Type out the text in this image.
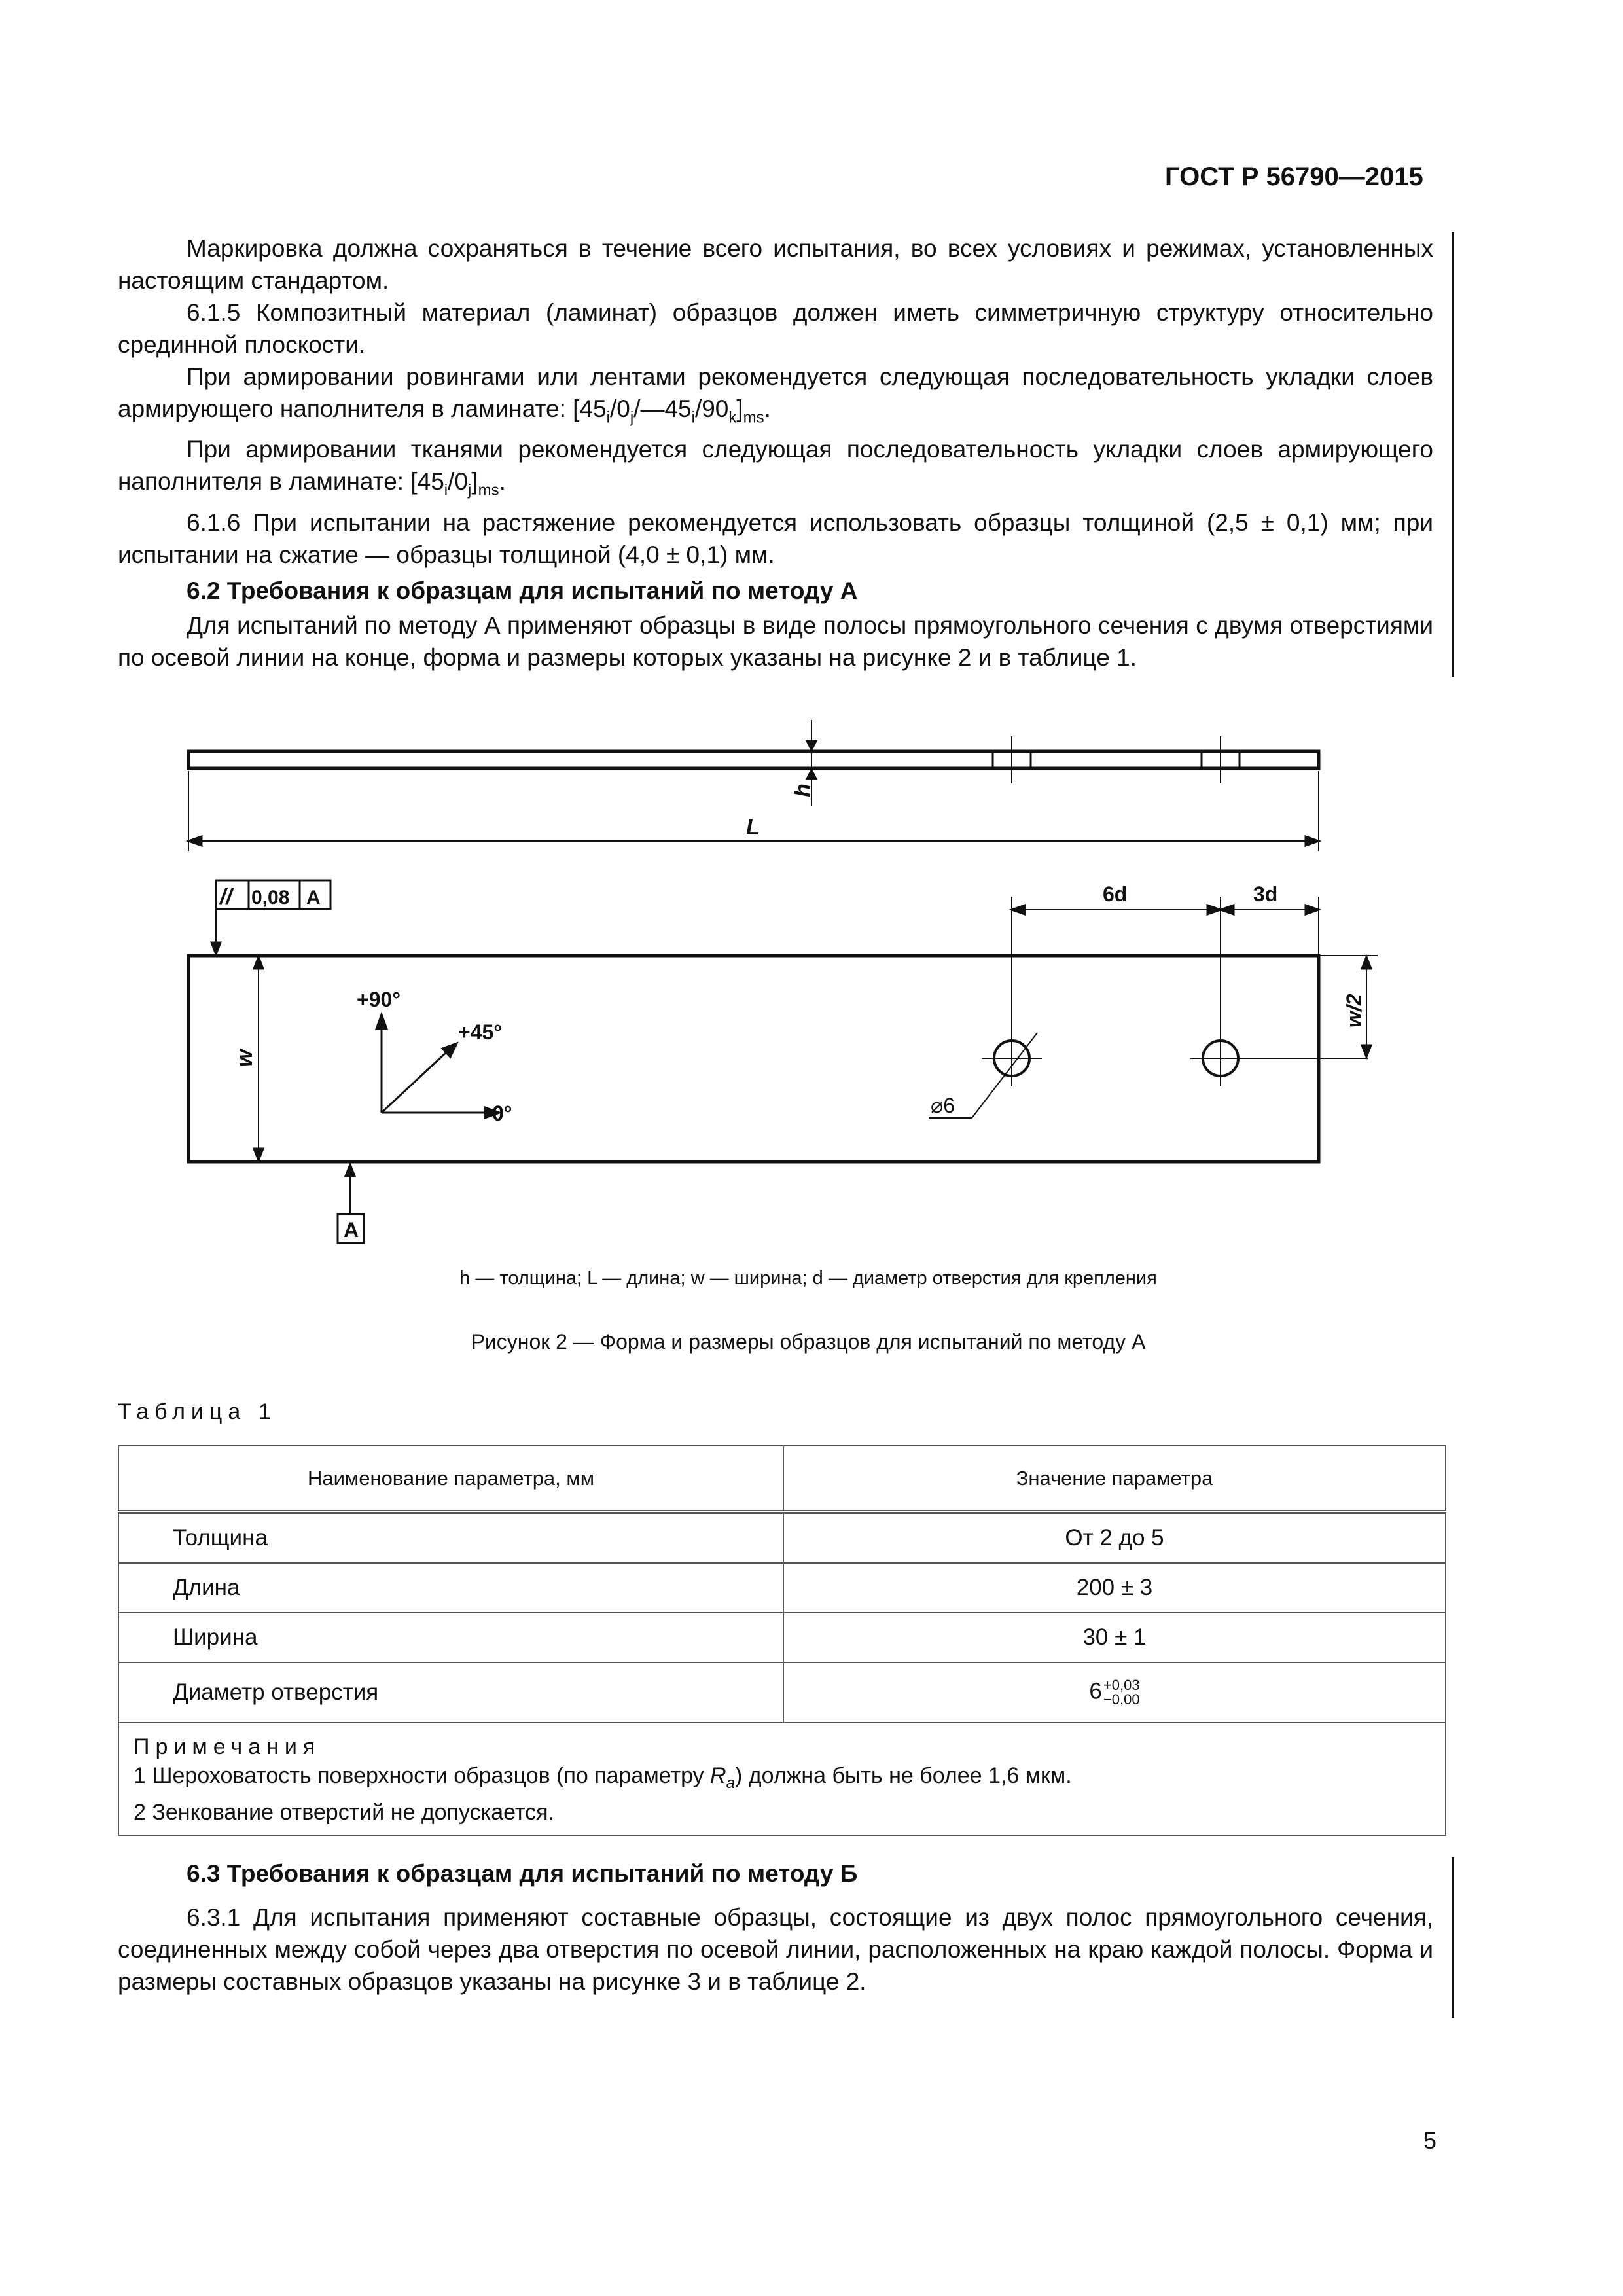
ГОСТ Р 56790—2015

Маркировка должна сохраняться в течение всего испытания, во всех условиях и режимах, установленных настоящим стандартом.

6.1.5 Композитный материал (ламинат) образцов должен иметь симметричную структуру относительно срединной плоскости.

При армировании ровингами или лентами рекомендуется следующая последовательность укладки слоев армирующего наполнителя в ламинате: $[45_i/0_j/—45_i/90_k]_{ms}$.

При армировании тканями рекомендуется следующая последовательность укладки слоев армирующего наполнителя в ламинате: $[45_i/0_j]_{ms}$.

6.1.6 При испытании на растяжение рекомендуется использовать образцы толщиной (2,5 ± 0,1) мм; при испытании на сжатие — образцы толщиной (4,0 ± 0,1) мм.

6.2 Требования к образцам для испытаний по методу А

Для испытаний по методу А применяют образцы в виде полосы прямоугольного сечения с двумя отверстиями по осевой линии на конце, форма и размеры которых указаны на рисунке 2 и в таблице 1.

h
L
// 0,08 A
A
w
6d	3d
w/2
+90°
+45°
0°	⌀6
h — толщина; L — длина; w — ширина; d — диаметр отверстия для крепления
Рисунок 2 — Форма и размеры образцов для испытаний по методу А
Таблица 1
Наименование параметра, мм	Значение параметра

Толщина	От 2 до 5
Длина	200 ± 3
Ширина	30 ± 1
Диаметр отверстия	6 +0,03
−0,00

Примечания
1 Шероховатость поверхности образцов (по параметру $R_a$) должна быть не более 1,6 мкм.
2 Зенкование отверстий не допускается.	

6.3 Требования к образцам для испытаний по методу Б

6.3.1 Для испытания применяют составные образцы, состоящие из двух полос прямоугольного сечения, соединенных между собой через два отверстия по осевой линии, расположенных на краю каждой полосы. Форма и размеры составных образцов указаны на рисунке 3 и в таблице 2.

5
